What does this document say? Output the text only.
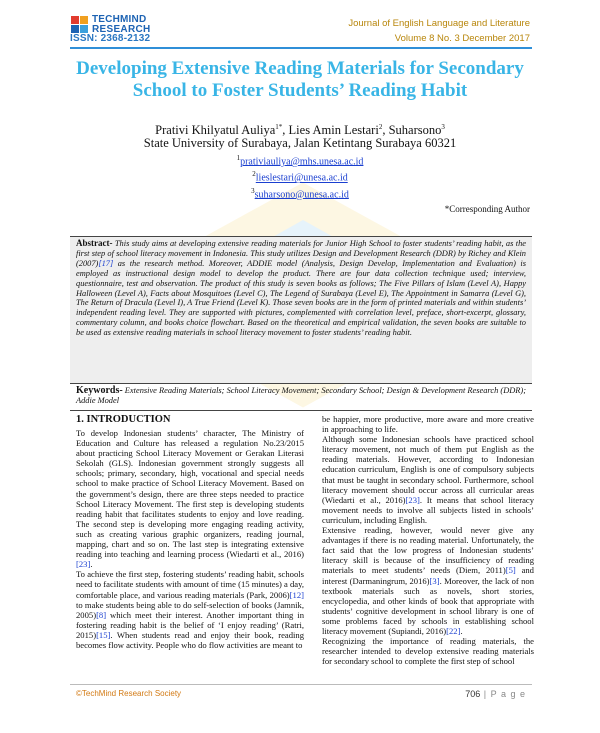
TECHMIND
RESEARCH
ISSN: 2368-2132
Journal of English Language and Literature
Volume 8 No. 3 December 2017
Developing Extensive Reading Materials for Secondary School to Foster Students’ Reading Habit
Prativi Khilyatul Auliya$^{1*}$, Lies Amin Lestari$^2$, Suharsono$^3$
State University of Surabaya, Jalan Ketintang Surabaya 60321
$^1$prativiauliya@mhs.unesa.ac.id
$^2$lieslestari@unesa.ac.id
$^3$suharsono@unesa.ac.id
*Corresponding Author
Abstract- This study aims at developing extensive reading materials for Junior High School to foster students’ reading habit, as the first step of school literacy movement in Indonesia. This study utilizes Design and Development Research (DDR) by Richey and Klein (2007)[17] as the research method. Moreover, ADDIE model (Analysis, Design Develop, Implementation and Evaluation) is employed as instructional design model to develop the product. There are four data collection technique used; interview, questionnaire, test and observation. The product of this study is seven books as follows; The Five Pillars of Islam (Level A), Happy Halloween (Level A), Facts about Mosquitoes (Level C), The Legend of Surabaya (Level E), The Appointment in Samarra (Level G), The Return of Dracula (Level I), A True Friend (Level K). Those seven books are in the form of printed materials and within students’ independent reading level. They are supported with pictures, complemented with correlation level, preface, short-excerpt, glossary, commentary column, and books choice flowchart. Based on the theoretical and empirical validation, the seven books are suitable to be used as extensive reading materials in school literacy movement to foster students’ reading habit.
Keywords- Extensive Reading Materials; School Literacy Movement; Secondary School; Design & Development Research (DDR); Addie Model
1. INTRODUCTION

To develop Indonesian students’ character, The Ministry of Education and Culture has released a regulation No.23/2015 about practicing School Literacy Movement or Gerakan Literasi Sekolah (GLS). Indonesian government strongly suggests all schools; primary, secondary, high, vocational and special needs school to make practice of School Literacy Movement. Based on the government’s design, there are three steps needed to practice School Literacy Movement. The first step is developing students reading habit that facilitates students to enjoy and love reading. The second step is developing more engaging reading activity, such as creating various graphic organizers, reading journal, mapping, chart and so on. The last step is integrating extensive reading into teaching and learning process (Wiedarti et al., 2016)[23].

To achieve the first step, fostering students’ reading habit, schools need to facilitate students with amount of time (15 minutes) a day, comfortable place, and various reading materials (Park, 2006)[12] to make students being able to do self-selection of books (Jamnik, 2005)[8] which meet their interest. Another important thing in fostering reading habit is the belief of ‘I enjoy reading’ (Ratri, 2015)[15]. When students read and enjoy their book, reading becomes flow activity. People who do flow activities are meant to

be happier, more productive, more aware and more creative in approaching to life.

Although some Indonesian schools have practiced school literacy movement, not much of them put English as the reading materials. However, according to Indonesian education curriculum, English is one of compulsory subjects that must be taught in secondary school. Furthermore, school literacy movement should occur across all curricular areas (Wiedarti et al., 2016)[23]. It means that school literacy movement needs to involve all subjects listed in schools’ curriculum, including English.

Extensive reading, however, would never give any advantages if there is no reading material. Unfortunately, the fact said that the low progress of Indonesian students’ literacy skill is because of the insufficiency of reading materials to meet students’ needs (Diem, 2011)[5] and interest (Darmaningrum, 2016)[3]. Moreover, the lack of non textbook materials such as novels, short stories, encyclopedia, and other kinds of book that appropriate with students’ cognitive development in school library is one of some problems faced by schools in establishing school literacy movement (Supiandi, 2016)[22].

Recognizing the importance of reading materials, the researcher intended to develop extensive reading materials for secondary school to complete the first step of school

©TechMind Research Society	706 | P a g e
